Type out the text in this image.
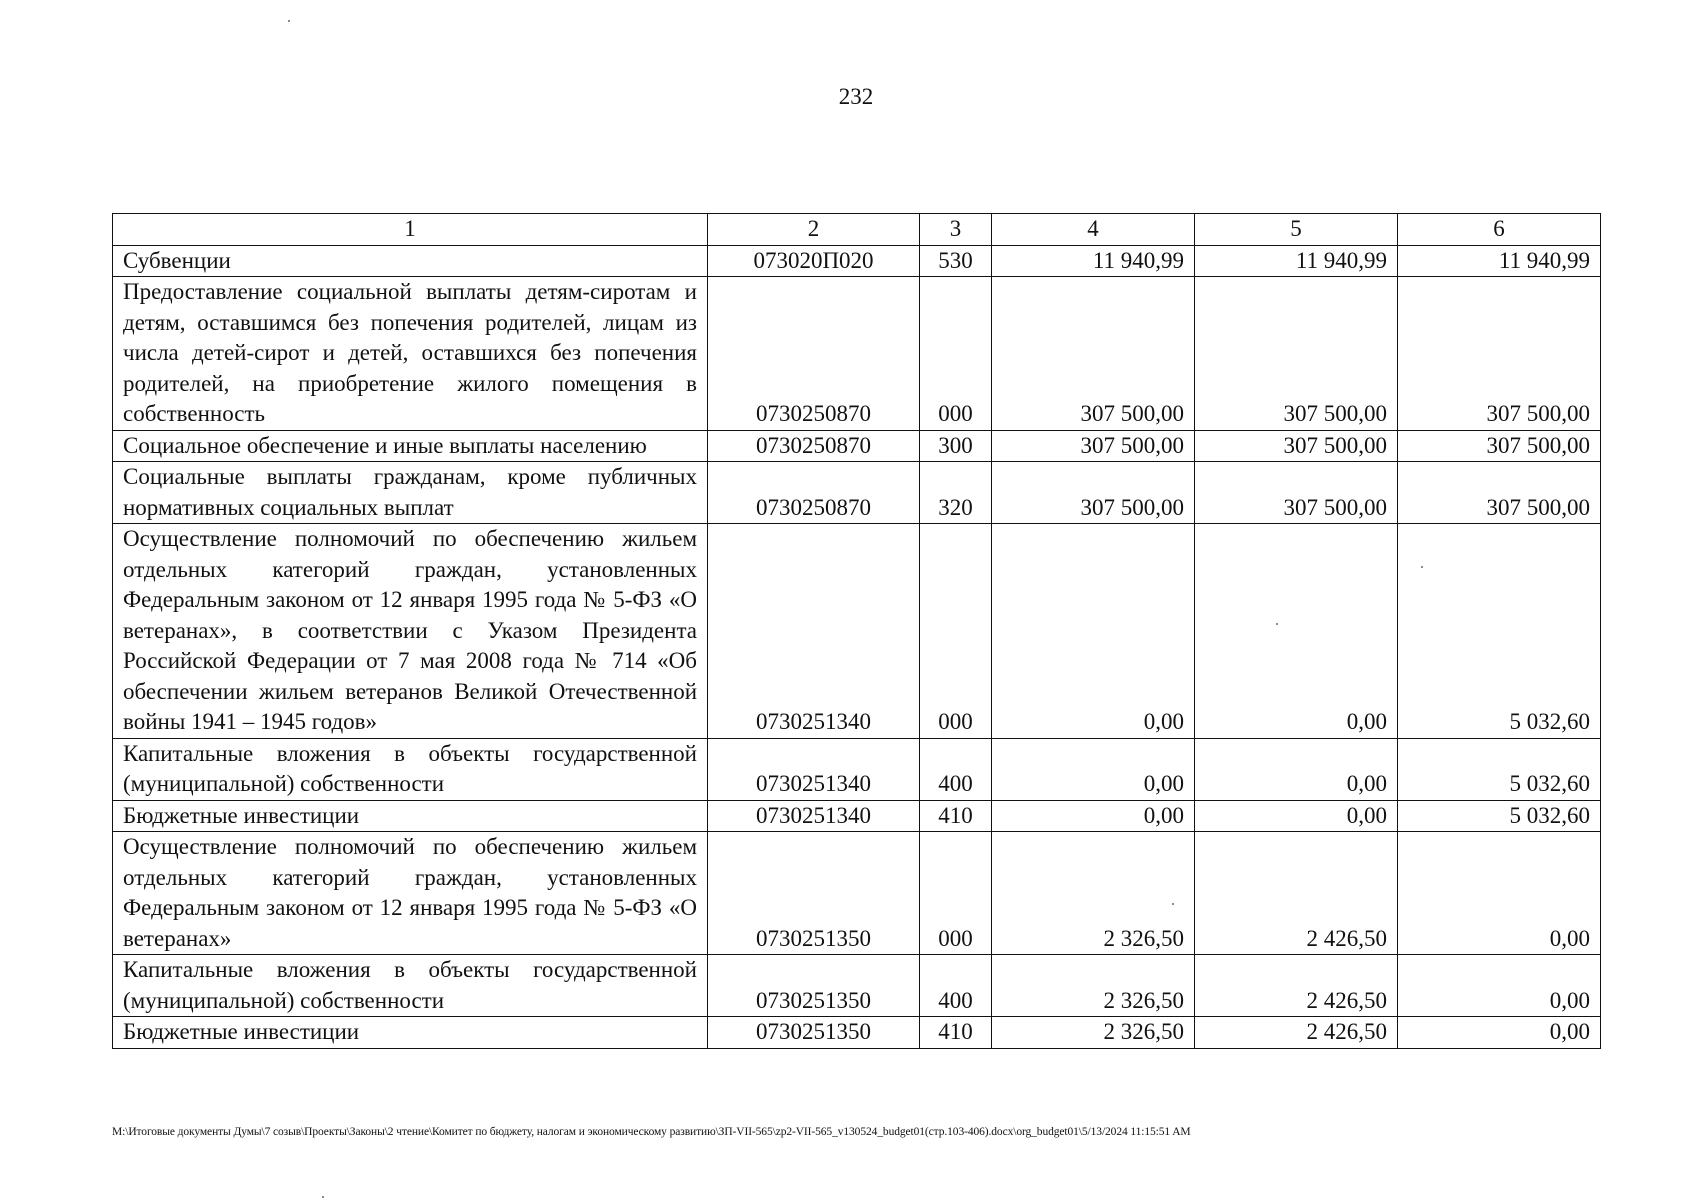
232
1	2	3	4	5	6
Субвенции	073020П020	530	11 940,99	11 940,99	11 940,99
Предоставление социальной выплаты детям-сиротам и детям, оставшимся без попечения родителей, лицам из числа детей-сирот и детей, оставшихся без попечения родителей, на приобретение жилого помещения в собственность	0730250870	000	307 500,00	307 500,00	307 500,00
Социальное обеспечение и иные выплаты населению	0730250870	300	307 500,00	307 500,00	307 500,00
Социальные выплаты гражданам, кроме публичных нормативных социальных выплат	0730250870	320	307 500,00	307 500,00	307 500,00
Осуществление полномочий по обеспечению жильем отдельных категорий граждан, установленных Федеральным законом от 12 января 1995 года № 5-ФЗ «О ветеранах», в соответствии с Указом Президента Российской Федерации от 7 мая 2008 года № 714 «Об обеспечении жильем ветеранов Великой Отечественной войны 1941 – 1945 годов»	0730251340	000	0,00	0,00	5 032,60
Капитальные вложения в объекты государственной (муниципальной) собственности	0730251340	400	0,00	0,00	5 032,60
Бюджетные инвестиции	0730251340	410	0,00	0,00	5 032,60
Осуществление полномочий по обеспечению жильем отдельных категорий граждан, установленных Федеральным законом от 12 января 1995 года № 5-ФЗ «О ветеранах»	0730251350	000	2 326,50	2 426,50	0,00
Капитальные вложения в объекты государственной (муниципальной) собственности	0730251350	400	2 326,50	2 426,50	0,00
Бюджетные инвестиции	0730251350	410	2 326,50	2 426,50	0,00
M:\Итоговые документы Думы\7 созыв\Проекты\Законы\2 чтение\Комитет по бюджету, налогам и экономическому развитию\ЗП-VII-565\zp2-VII-565_v130524_budget01(стр.103-406).docx\org_budget01\5/13/2024 11:15:51 AM
